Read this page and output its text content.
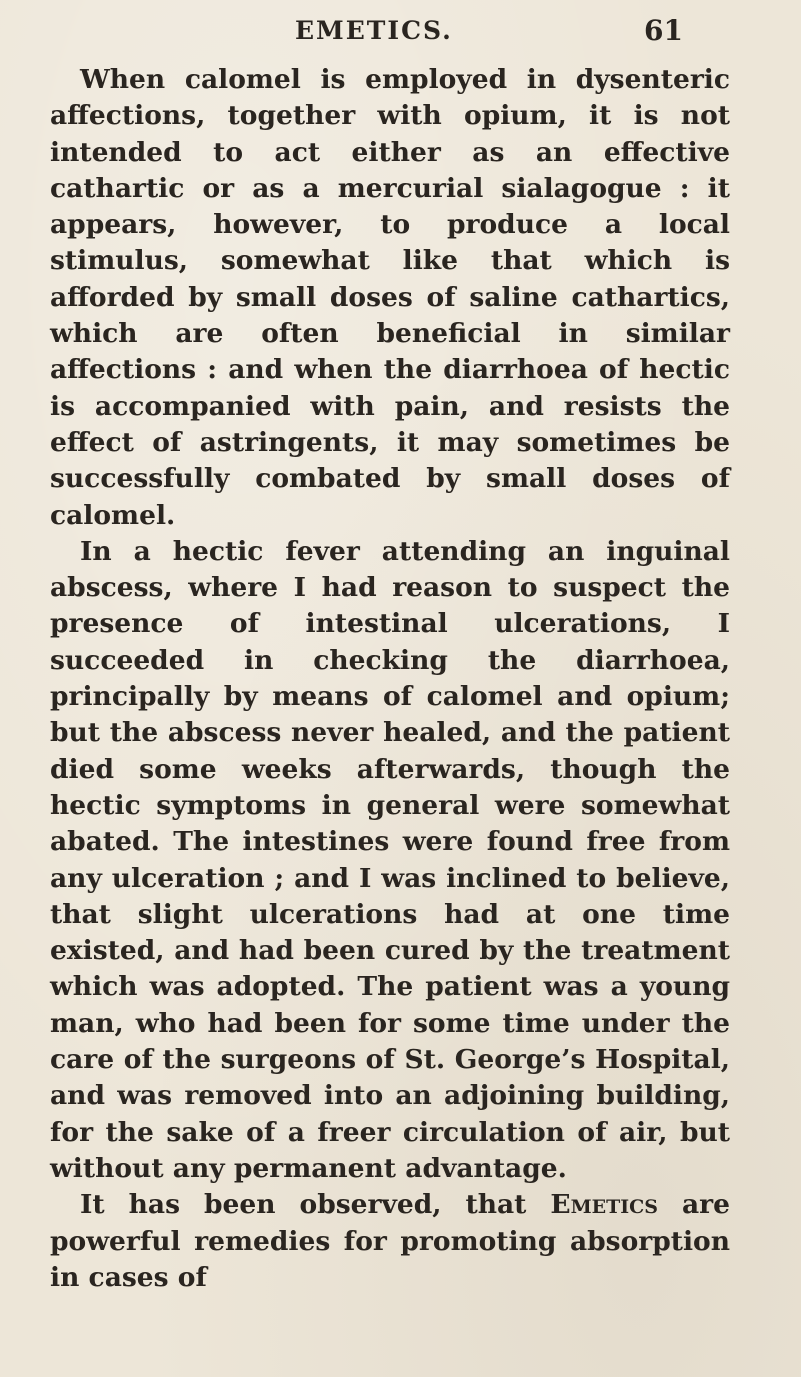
EMETICS.	61

When calomel is employed in dysenteric affections, together with opium, it is not intended to act either as an effective cathartic or as a mercurial sialagogue : it appears, however, to produce a local stimulus, somewhat like that which is afforded by small doses of saline cathartics, which are often beneficial in similar affections : and when the diarrhoea of hectic is accompanied with pain, and resists the effect of astringents, it may sometimes be successfully combated by small doses of calomel.

In a hectic fever attending an inguinal abscess, where I had reason to suspect the presence of intestinal ulcerations, I succeeded in checking the diarrhoea, principally by means of calomel and opium; but the abscess never healed, and the patient died some weeks afterwards, though the hectic symptoms in general were somewhat abated. The intestines were found free from any ulceration ; and I was inclined to believe, that slight ulcerations had at one time existed, and had been cured by the treatment which was adopted. The patient was a young man, who had been for some time under the care of the surgeons of St. George’s Hospital, and was removed into an adjoining building, for the sake of a freer circulation of air, but without any permanent advantage.

It has been observed, that Emetics are powerful remedies for promoting absorption in cases of
